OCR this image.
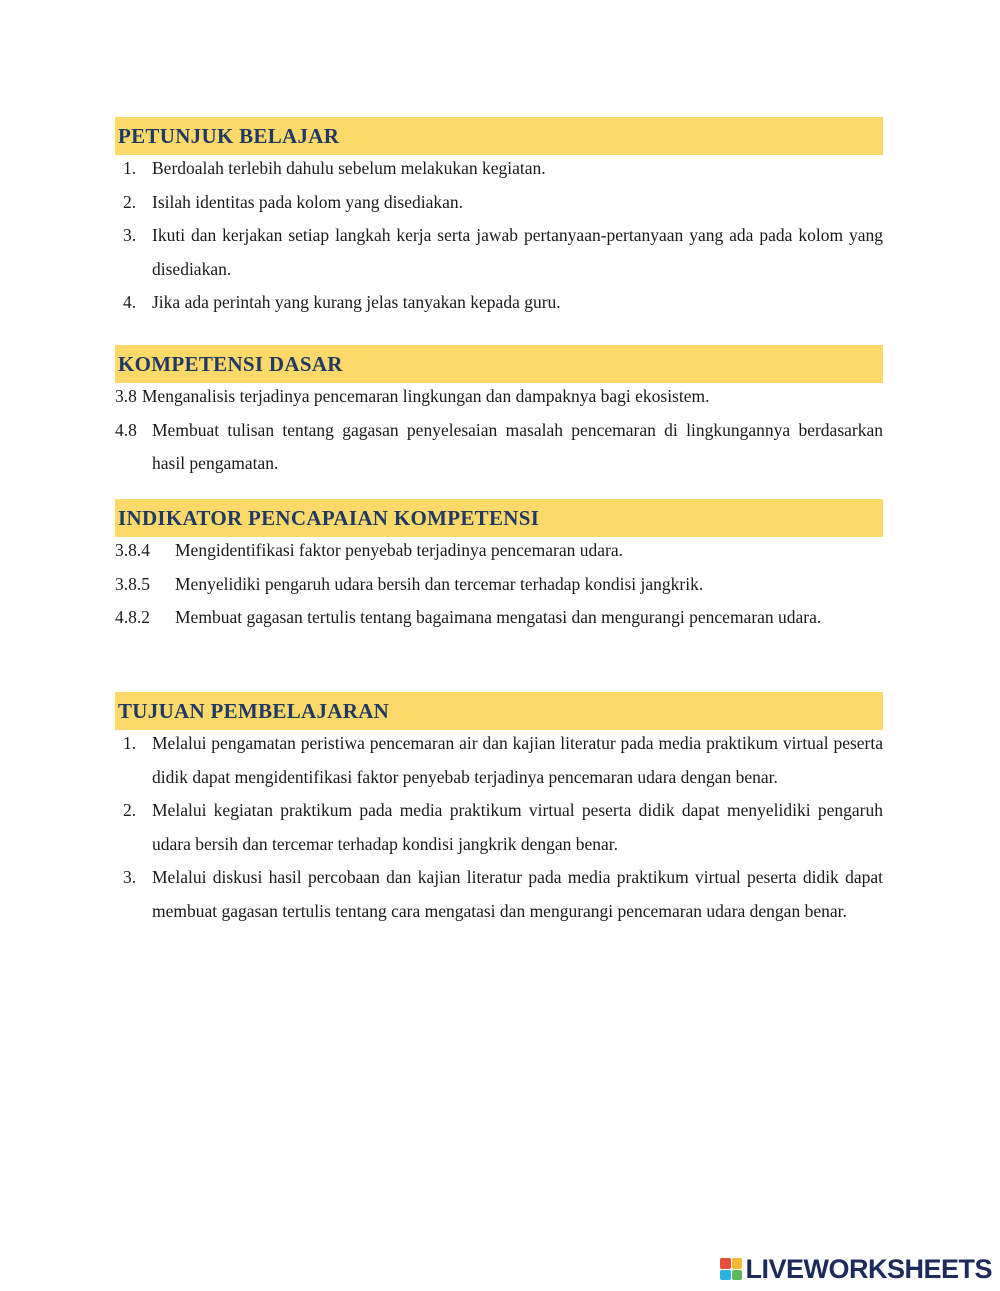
PETUNJUK BELAJAR
1. Berdoalah terlebih dahulu sebelum melakukan kegiatan.
2. Isilah identitas pada kolom yang disediakan.
3. Ikuti dan kerjakan setiap langkah kerja serta jawab pertanyaan-pertanyaan yang ada pada kolom yang disediakan.
4. Jika ada perintah yang kurang jelas tanyakan kepada guru.
KOMPETENSI DASAR
3.8 Menganalisis terjadinya pencemaran lingkungan dan dampaknya bagi ekosistem.
4.8 Membuat tulisan tentang gagasan penyelesaian masalah pencemaran di lingkungannya berdasarkan hasil pengamatan.
INDIKATOR PENCAPAIAN KOMPETENSI
3.8.4	Mengidentifikasi faktor penyebab terjadinya pencemaran udara.
3.8.5	Menyelidiki pengaruh udara bersih dan tercemar terhadap kondisi jangkrik.
4.8.2	Membuat gagasan tertulis tentang bagaimana mengatasi dan mengurangi pencemaran udara.
TUJUAN PEMBELAJARAN
1. Melalui pengamatan peristiwa pencemaran air dan kajian literatur pada media praktikum virtual peserta didik dapat mengidentifikasi faktor penyebab terjadinya pencemaran udara dengan benar.
2. Melalui kegiatan praktikum pada media praktikum virtual peserta didik dapat menyelidiki pengaruh udara bersih dan tercemar terhadap kondisi jangkrik dengan benar.
3. Melalui diskusi hasil percobaan dan kajian literatur pada media praktikum virtual peserta didik dapat membuat gagasan tertulis tentang cara mengatasi dan mengurangi pencemaran udara dengan benar.
LIVEWORKSHEETS
